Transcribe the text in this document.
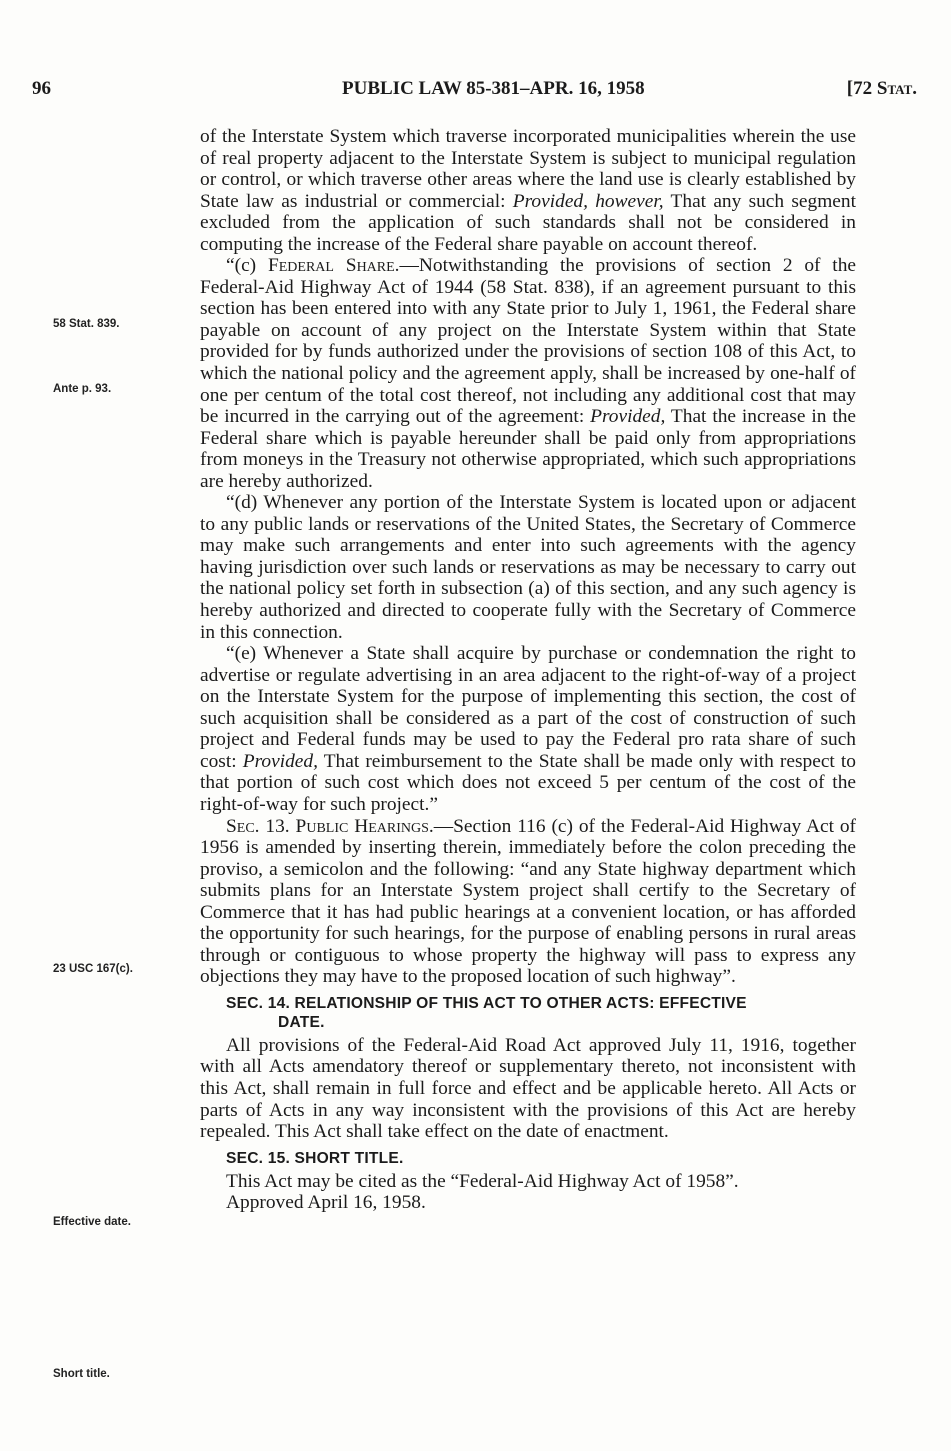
96	PUBLIC LAW 85-381–APR. 16, 1958	[72 Stat.
58 Stat. 839.
Ante p. 93.
23 USC 167(c).
Effective date.
Short title.

of the Interstate System which traverse incorporated municipalities wherein the use of real property adjacent to the Interstate System is subject to municipal regulation or control, or which traverse other areas where the land use is clearly established by State law as industrial or commercial: Provided, however, That any such segment excluded from the application of such standards shall not be considered in computing the increase of the Federal share payable on account thereof.

“(c) Federal Share.—Notwithstanding the provisions of section 2 of the Federal-Aid Highway Act of 1944 (58 Stat. 838), if an agreement pursuant to this section has been entered into with any State prior to July 1, 1961, the Federal share payable on account of any project on the Interstate System within that State provided for by funds authorized under the provisions of section 108 of this Act, to which the national policy and the agreement apply, shall be increased by one-half of one per centum of the total cost thereof, not including any additional cost that may be incurred in the carrying out of the agreement: Provided, That the increase in the Federal share which is payable hereunder shall be paid only from appropriations from moneys in the Treasury not otherwise appropriated, which such appropriations are hereby authorized.

“(d) Whenever any portion of the Interstate System is located upon or adjacent to any public lands or reservations of the United States, the Secretary of Commerce may make such arrangements and enter into such agreements with the agency having jurisdiction over such lands or reservations as may be necessary to carry out the national policy set forth in subsection (a) of this section, and any such agency is hereby authorized and directed to cooperate fully with the Secretary of Commerce in this connection.

“(e) Whenever a State shall acquire by purchase or condemnation the right to advertise or regulate advertising in an area adjacent to the right-of-way of a project on the Interstate System for the purpose of implementing this section, the cost of such acquisition shall be considered as a part of the cost of construction of such project and Federal funds may be used to pay the Federal pro rata share of such cost: Provided, That reimbursement to the State shall be made only with respect to that portion of such cost which does not exceed 5 per centum of the cost of the right-of-way for such project.”

Sec. 13. Public Hearings.—Section 116 (c) of the Federal-Aid Highway Act of 1956 is amended by inserting therein, immediately before the colon preceding the proviso, a semicolon and the following: “and any State highway department which submits plans for an Interstate System project shall certify to the Secretary of Commerce that it has had public hearings at a convenient location, or has afforded the opportunity for such hearings, for the purpose of enabling persons in rural areas through or contiguous to whose property the highway will pass to express any objections they may have to the proposed location of such highway”.

SEC. 14. RELATIONSHIP OF THIS ACT TO OTHER ACTS: EFFECTIVE
DATE.

All provisions of the Federal-Aid Road Act approved July 11, 1916, together with all Acts amendatory thereof or supplementary thereto, not inconsistent with this Act, shall remain in full force and effect and be applicable hereto. All Acts or parts of Acts in any way inconsistent with the provisions of this Act are hereby repealed. This Act shall take effect on the date of enactment.

SEC. 15. SHORT TITLE.

This Act may be cited as the “Federal-Aid Highway Act of 1958”.

Approved April 16, 1958.
